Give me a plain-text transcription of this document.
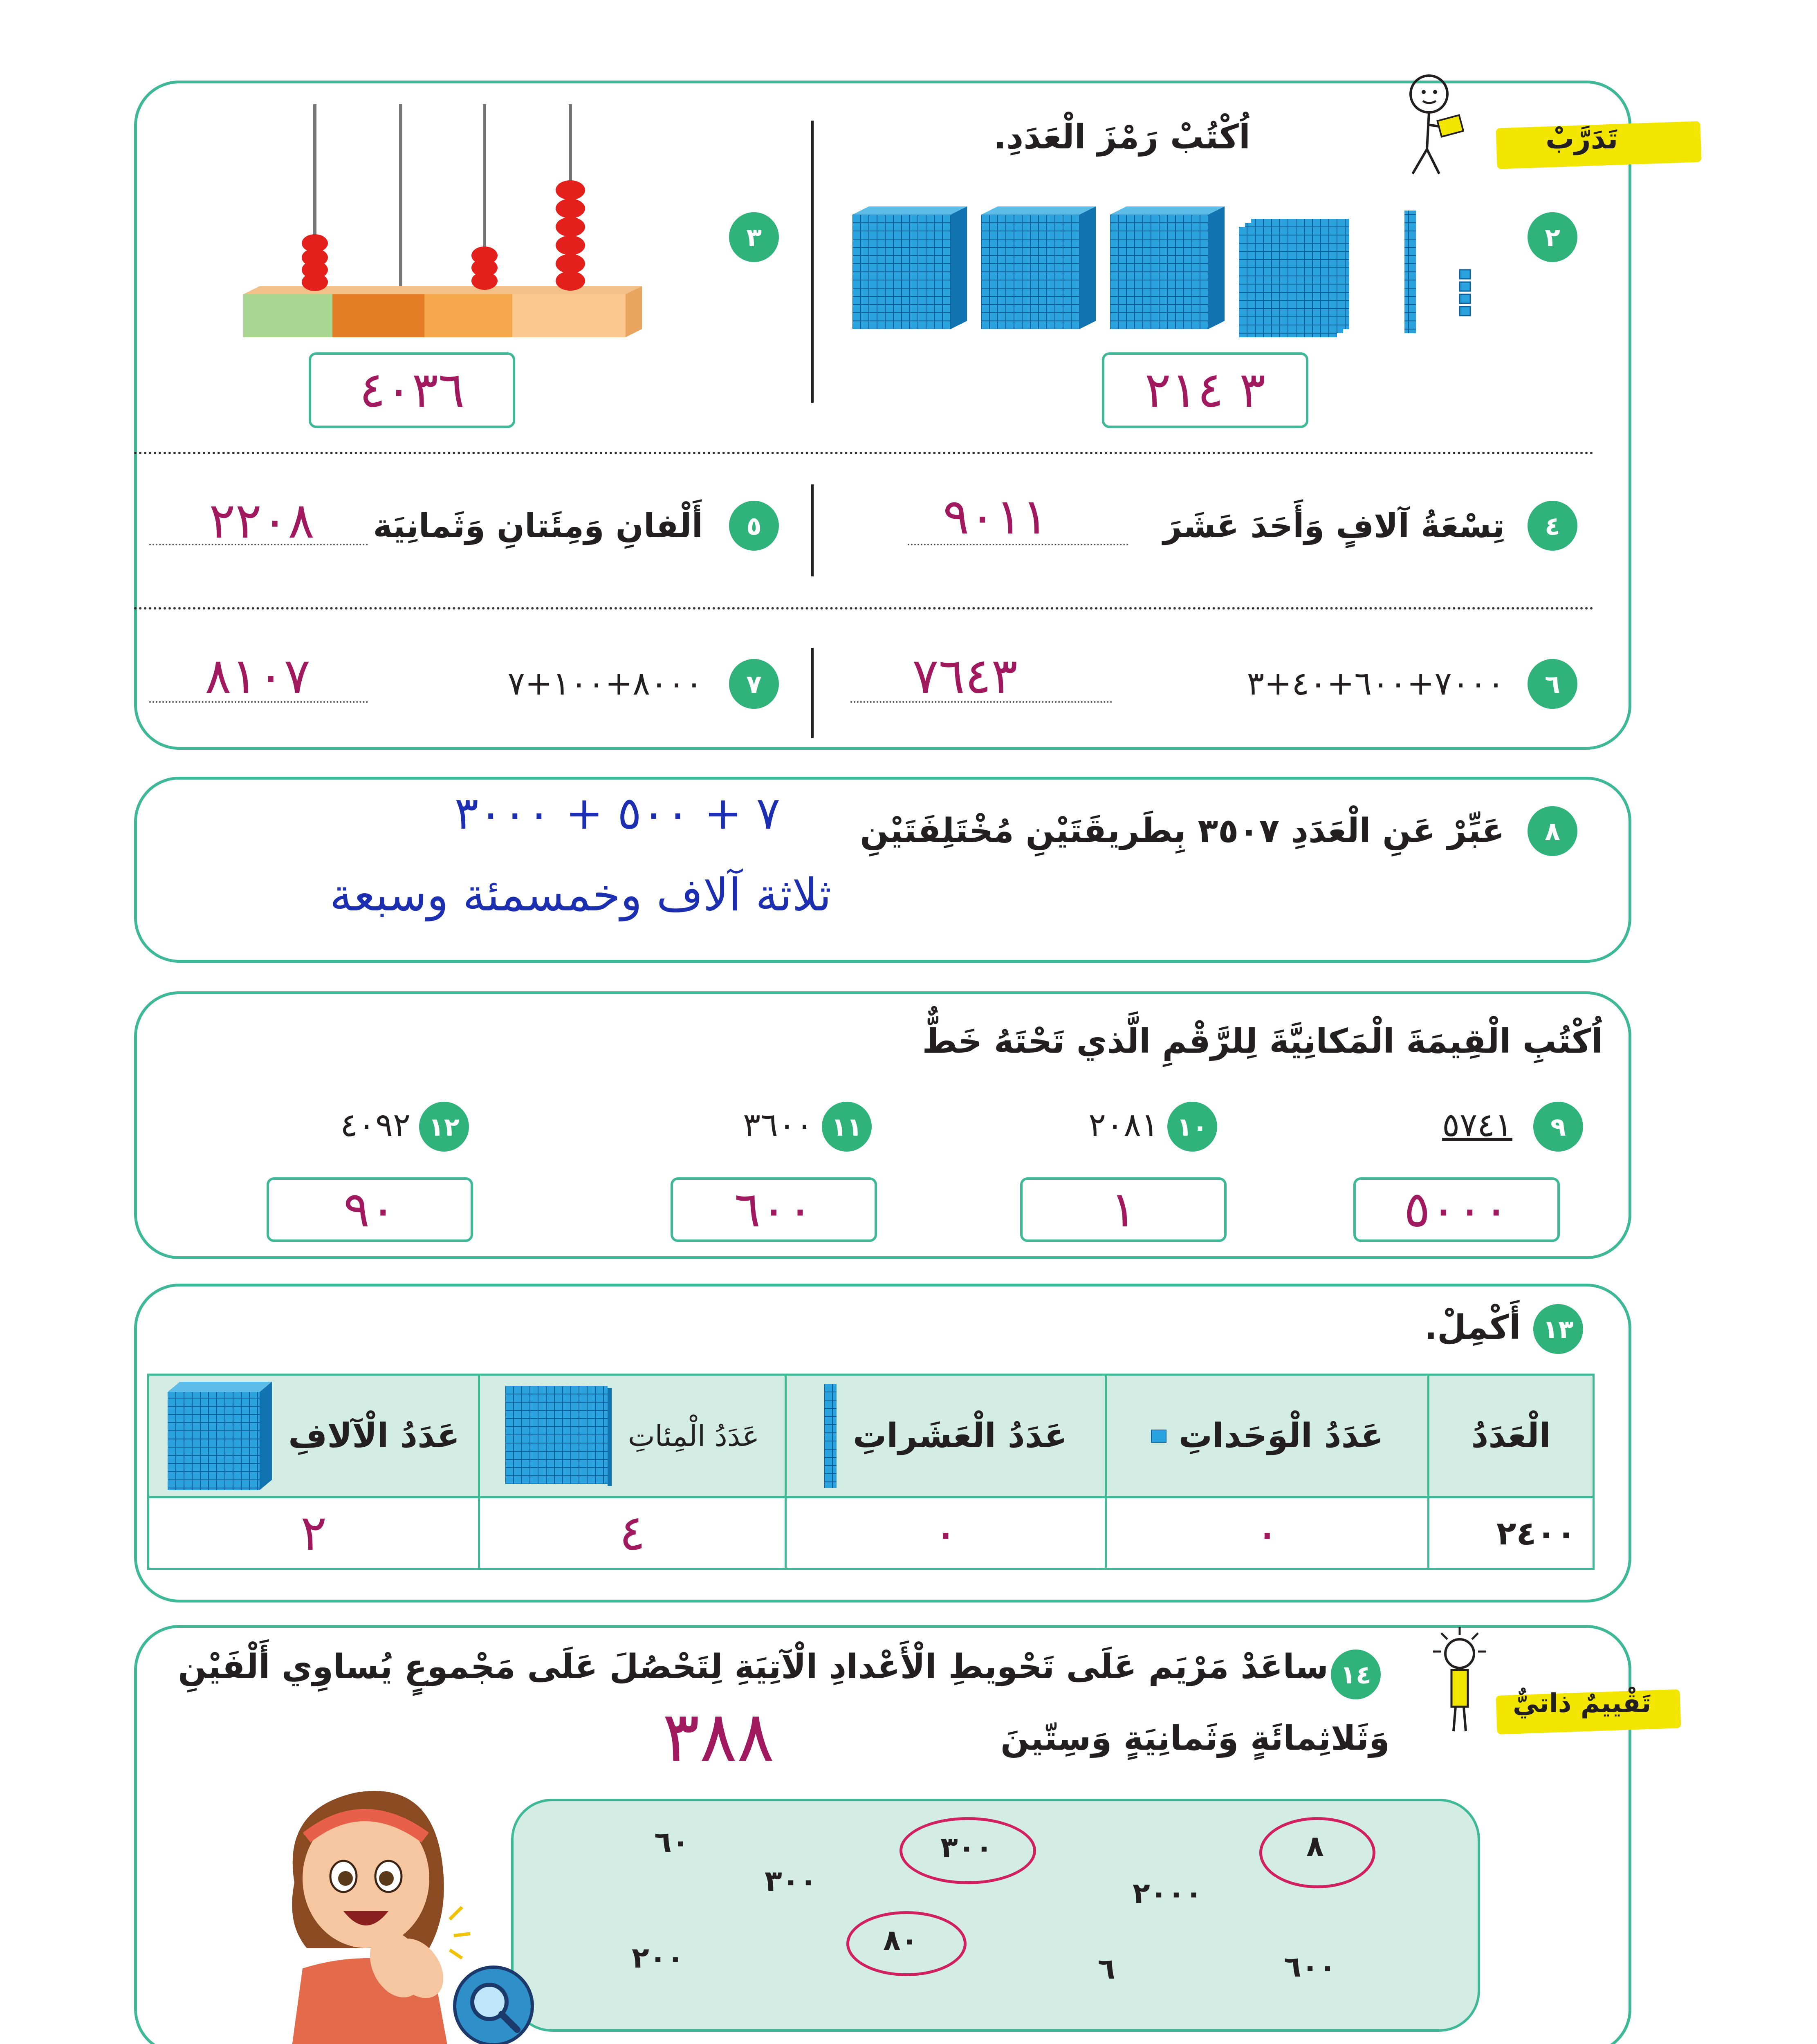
تَدَرَّبْ
اُكْتُبْ رَمْزَ الْعَدَدِ.
٢
٣ ٢١٤
٣
٤٠٣٦
٤
تِسْعَةُ آلافٍ وَأَحَدَ عَشَرَ
٩٠١١
٥
أَلْفانِ وَمِئَتانِ وَثَمانِيَة
٢٢٠٨
٦
٧٠٠٠+٦٠٠+٤٠+٣
٧٦٤٣
٧
٨٠٠٠+١٠٠+٧
٨١٠٧
٨
عَبِّرْ عَنِ الْعَدَدِ ٣٥٠٧ بِطَريقَتَيْنِ مُخْتَلِفَتَيْنِ
٧ + ٥٠٠ + ٣٠٠٠
ثلاثة آلاف وخمسمئة وسبعة
اُكْتُبِ الْقِيمَةَ الْمَكانِيَّةَ لِلرَّقْمِ الَّذي تَحْتَهُ خَطٌّ
٩
٥٧٤١
٥٠٠٠
١٠
٢٠٨١
١
١١
٣٦٠٠
٦٠٠
١٢
٤٠٩٢
٩٠
١٣
أَكْمِلْ.
عَدَدُ الْآلافِ	عَدَدُ الْمِئاتِ	عَدَدُ الْعَشَراتِ	عَدَدُ الْوَحَداتِ	الْعَدَدُ
٢	٤	٠	٠	٢٤٠٠
تَقْييمٌ ذاتيٌّ
١٤
ساعَدْ مَرْيَم عَلَى تَحْويطِ الْأَعْدادِ الْآتِيَةِ لِتَحْصُلَ عَلَى مَجْموعٍ يُساوِي أَلْفَيْنِ
وَثَلاثِمائَةٍ وَثَمانِيَةٍ وَسِتّينَ
٣٨٨
٦٠
٣٠٠
٣٠٠
٢٠٠٠
٨
٢٠٠
٨٠
٦	٦٠٠
